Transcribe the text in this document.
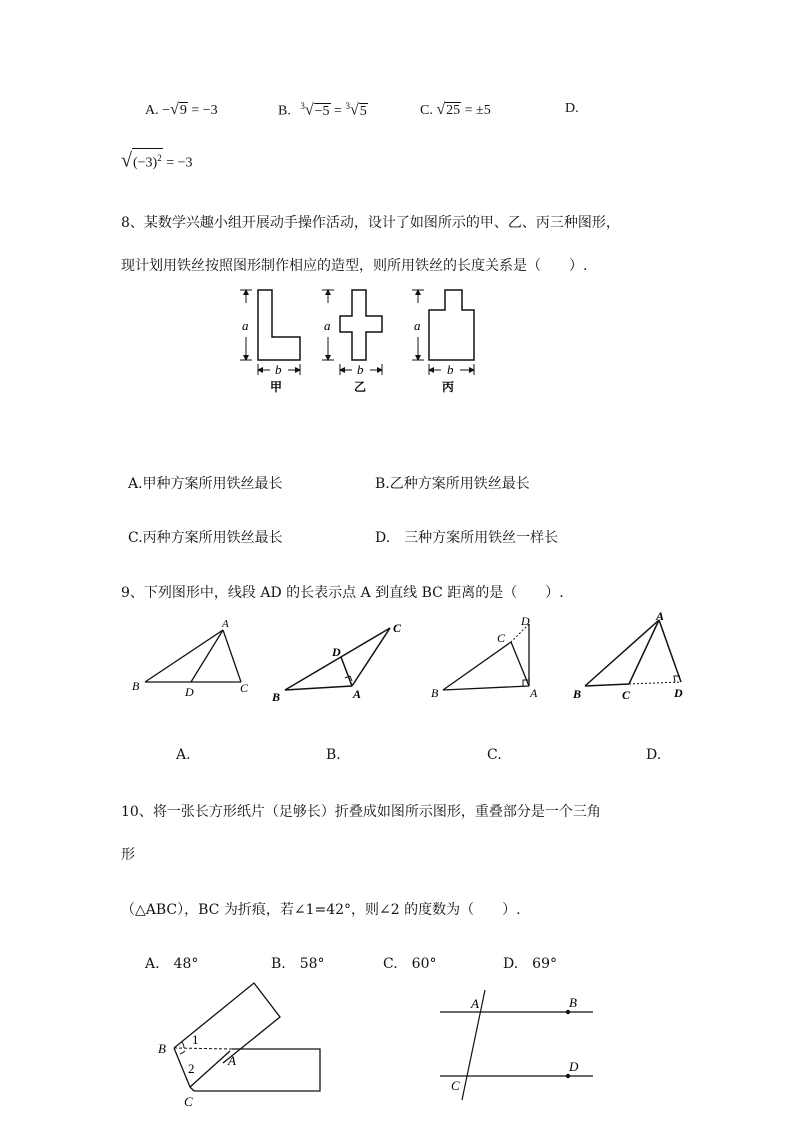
A. −√9 = −3	B. $^3$√−5 = $^3$√5	C. √25 = ±5	D.
$√(-3)^2 = -3$
8、某数学兴趣小组开展动手操作活动，设计了如图所示的甲、乙、丙三种图形，
现计划用铁丝按照图形制作相应的造型，则所用铁丝的长度关系是（　　）.
a
b
甲
a
b
乙
a
b
丙
A.甲种方案所用铁丝最长	B.乙种方案所用铁丝最长
C.丙种方案所用铁丝最长	D.　三种方案所用铁丝一样长
9、下列图形中，线段 AD 的长表示点 A 到直线 BC 距离的是（　　）.
A
B	D	C
C
D
B	A
C
D
B	A
A
B	C	D
A.	B.	C.	D.
10、将一张长方形纸片（足够长）折叠成如图所示图形，重叠部分是一个三角
形
（△ABC），BC 为折痕，若∠1=42°，则∠2 的度数为（　　）.
A.　48°	B.　58°	C.　60°	D.　69°
B
1
A
2
C
A	B
C
D
